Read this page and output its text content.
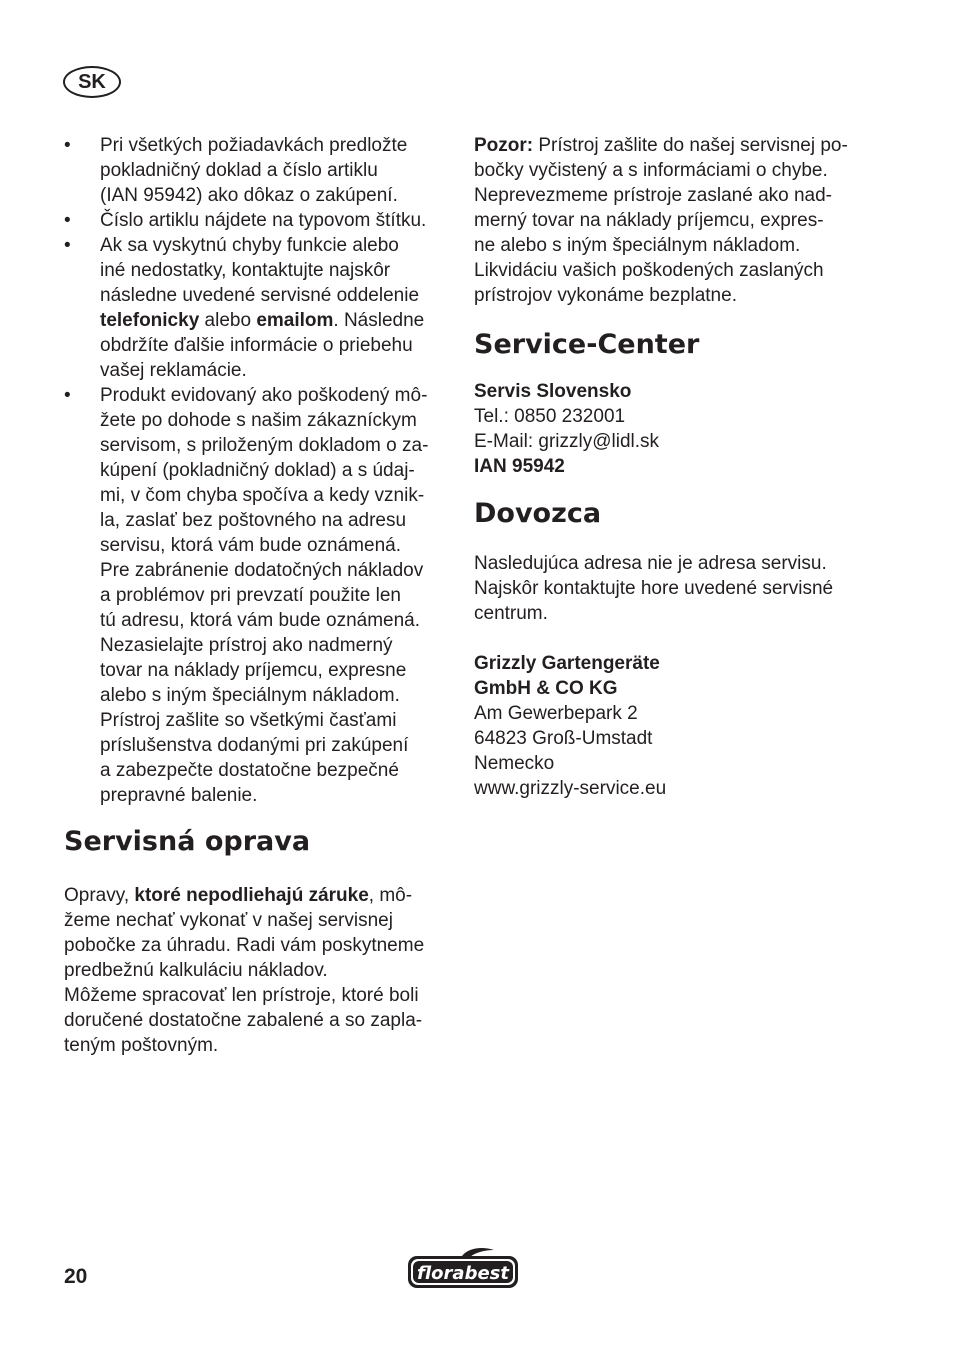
SK
• Pri všetkých požiadavkách predložte
pokladničný doklad a číslo artiklu
(IAN 95942) ako dôkaz o zakúpení.
• Číslo artiklu nájdete na typovom štítku.
• Ak sa vyskytnú chyby funkcie alebo
iné nedostatky, kontaktujte najskôr
následne uvedené servisné oddelenie
telefonicky alebo emailom. Následne
obdržíte ďalšie informácie o priebehu
vašej reklamácie.
• Produkt evidovaný ako poškodený mô-
žete po dohode s našim zákazníckym
servisom, s priloženým dokladom o za-
kúpení (pokladničný doklad) a s údaj-
mi, v čom chyba spočíva a kedy vznik-
la, zaslať bez poštovného na adresu
servisu, ktorá vám bude oznámená.
Pre zabránenie dodatočných nákladov
a problémov pri prevzatí použite len
tú adresu, ktorá vám bude oznámená.
Nezasielajte prístroj ako nadmerný
tovar na náklady príjemcu, expresne
alebo s iným špeciálnym nákladom.
Prístroj zašlite so všetkými časťami
príslušenstva dodanými pri zakúpení
a zabezpečte dostatočne bezpečné
prepravné balenie.
Servisná oprava

Opravy, ktoré nepodliehajú záruke, mô-
žeme nechať vykonať v našej servisnej
pobočke za úhradu. Radi vám poskytneme
predbežnú kalkuláciu nákladov.
Môžeme spracovať len prístroje, ktoré boli
doručené dostatočne zabalené a so zapla-
teným poštovným.

Pozor: Prístroj zašlite do našej servisnej po-
bočky vyčistený a s informáciami o chybe.
Neprevezmeme prístroje zaslané ako nad-
merný tovar na náklady príjemcu, expres-
ne alebo s iným špeciálnym nákladom.
Likvidáciu vašich poškodených zaslaných
prístrojov vykonáme bezplatne.

Service-Center

Servis Slovensko
Tel.: 0850 232001
E-Mail: grizzly@lidl.sk
IAN 95942

Dovozca

Nasledujúca adresa nie je adresa servisu.
Najskôr kontaktujte hore uvedené servisné
centrum.

Grizzly Gartengeräte
GmbH & CO KG
Am Gewerbepark 2
64823 Groß-Umstadt
Nemecko
www.grizzly-service.eu

20	florabest
